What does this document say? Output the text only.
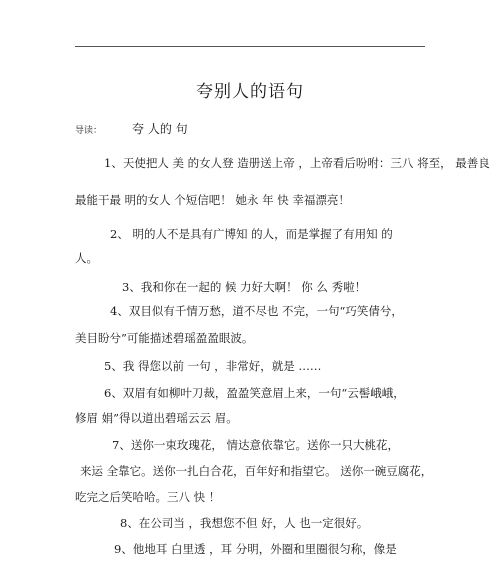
夸别人的语句
导读：	夸 人的 句
1、天使把人 美 的女人登 造册送上帝 ，上帝看后吩咐：三八 将至， 最善良
最能干最 明的女人 个短信吧！ 她永 年 快 幸福漂亮！
2、 明的人不是具有广博知 的人，而是掌握了有用知 的
人。
3、我和你在一起的 候 力好大啊！ 你 么 秀啦！
4、双目似有千情万愁，道不尽也 不完，一句“巧笑倩兮，
美目盼兮”可能描述碧瑶盈盈眼波。
5、我 得您以前 一句 ，非常好，就是 ……
6、双眉有如柳叶刀裁，盈盈笑意眉上来，一句“云髻峨峨，
修眉 娟”得以道出碧瑶云云 眉。
7、送你一束玫瑰花， 情达意依靠它。送你一只大桃花，
来运 全靠它。送你一扎白合花，百年好和指望它。 送你一碗豆腐花，
吃完之后笑哈哈。三八 快 ！
8、在公司当 ，我想您不但 好，人 也一定很好。
9、他地耳 白里透 ，耳 分明，外圈和里圈很匀称，像是
